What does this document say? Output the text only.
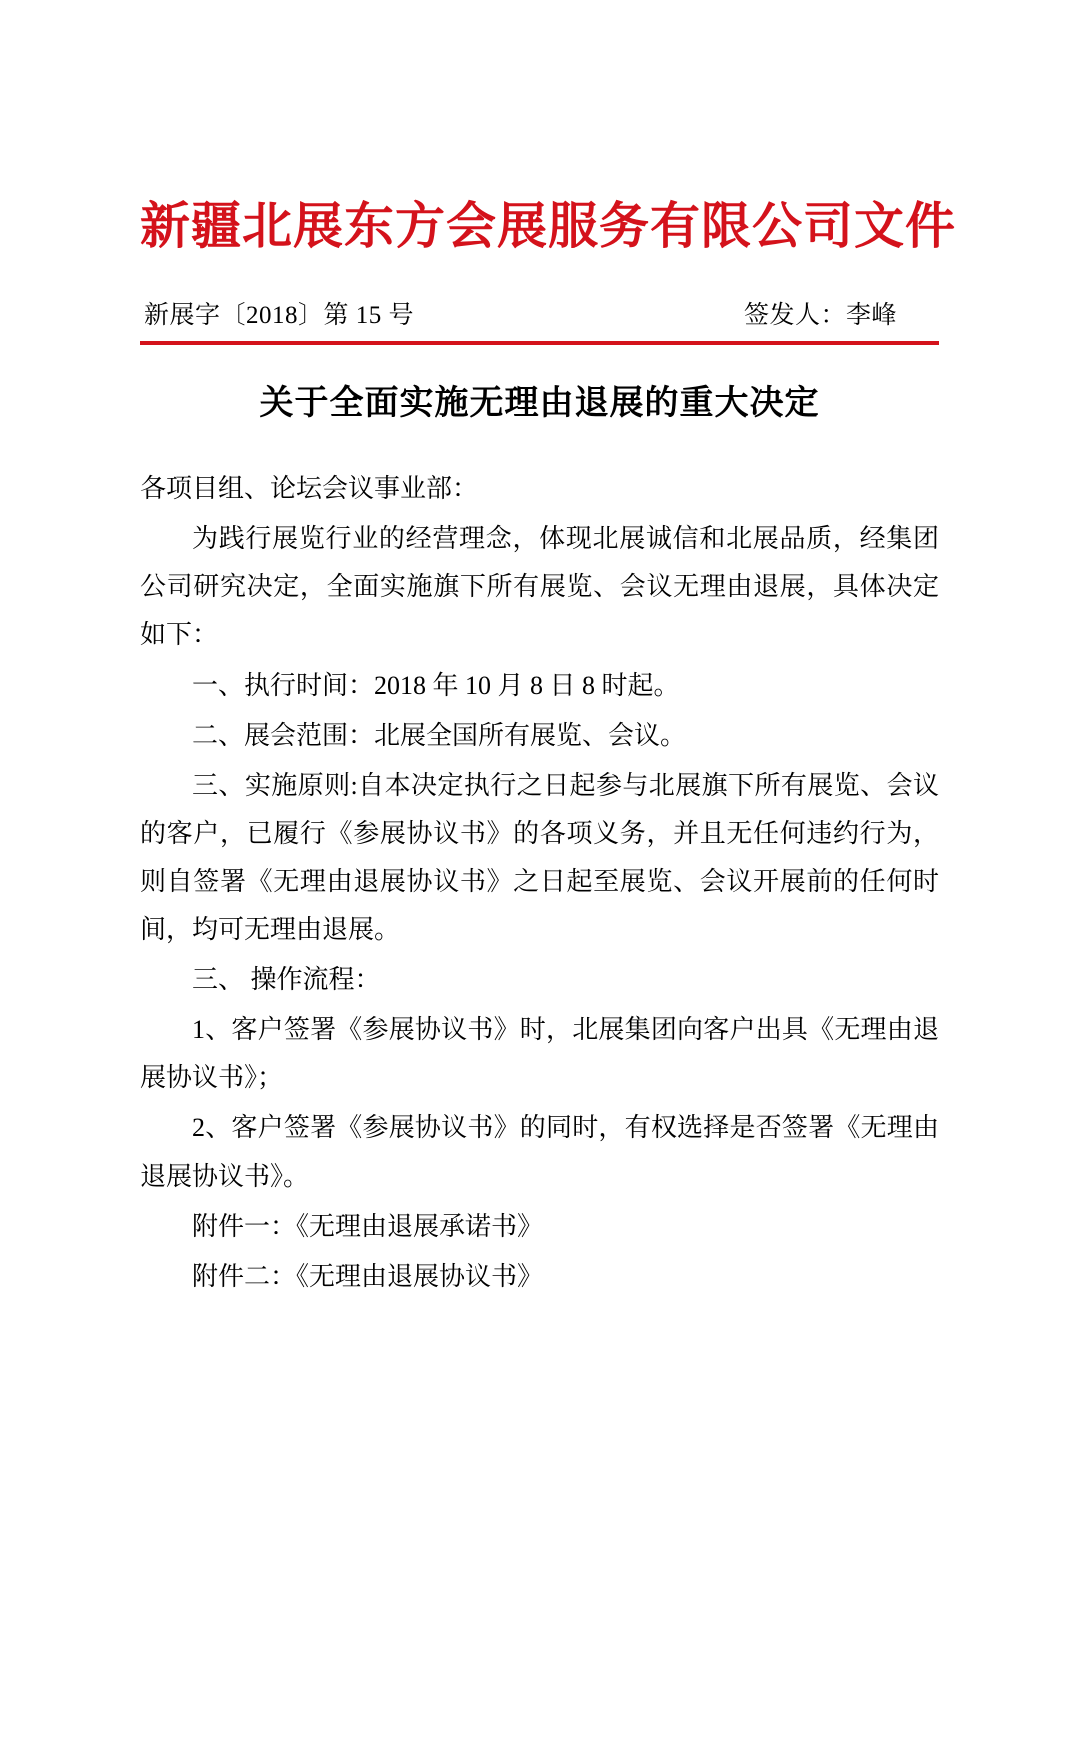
新疆北展东方会展服务有限公司文件
新展字〔2018〕第 15 号	签发人：李峰
关于全面实施无理由退展的重大决定

各项目组、论坛会议事业部：

为践行展览行业的经营理念，体现北展诚信和北展品质，经集团公司研究决定，全面实施旗下所有展览、会议无理由退展，具体决定如下：

一、执行时间：2018 年 10 月 8 日 8 时起。

二、展会范围：北展全国所有展览、会议。

三、实施原则:自本决定执行之日起参与北展旗下所有展览、会议的客户，已履行《参展协议书》的各项义务，并且无任何违约行为，则自签署《无理由退展协议书》之日起至展览、会议开展前的任何时间，均可无理由退展。

三、 操作流程：

1、客户签署《参展协议书》时，北展集团向客户出具《无理由退展协议书》；

2、客户签署《参展协议书》的同时，有权选择是否签署《无理由退展协议书》。

附件一：《无理由退展承诺书》

附件二：《无理由退展协议书》
